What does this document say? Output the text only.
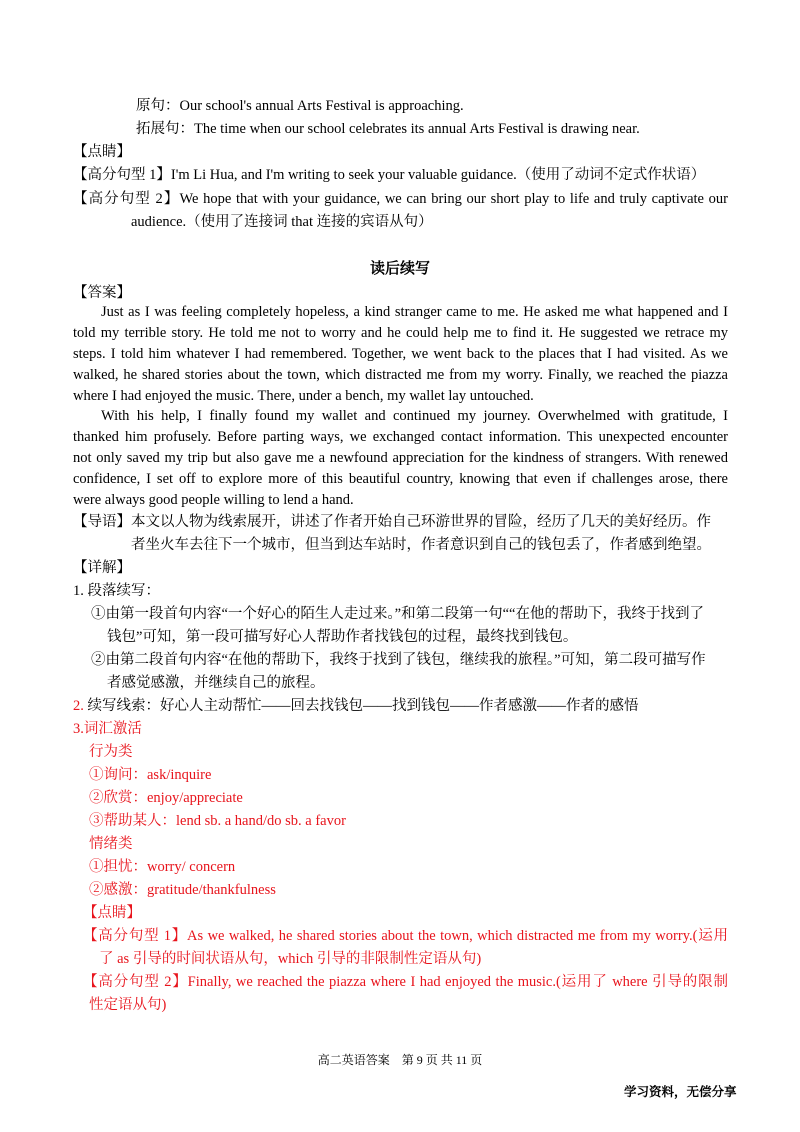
原句：Our school's annual Arts Festival is approaching.
拓展句：The time when our school celebrates its annual Arts Festival is drawing near.
【点睛】
【高分句型 1】I'm Li Hua, and I'm writing to seek your valuable guidance.（使用了动词不定式作状语）
【高分句型 2】We hope that with your guidance, we can bring our short play to life and truly captivate our
audience.（使用了连接词 that 连接的宾语从句）
读后续写
【答案】
Just as I was feeling completely hopeless, a kind stranger came to me. He asked me what happened and I
told my terrible story. He told me not to worry and he could help me to find it. He suggested we retrace my
steps. I told him whatever I had remembered. Together, we went back to the places that I had visited. As we
walked, he shared stories about the town, which distracted me from my worry. Finally, we reached the piazza
where I had enjoyed the music. There, under a bench, my wallet lay untouched.
With his help, I finally found my wallet and continued my journey. Overwhelmed with gratitude, I
thanked him profusely. Before parting ways, we exchanged contact information. This unexpected encounter
not only saved my trip but also gave me a newfound appreciation for the kindness of strangers. With renewed
confidence, I set off to explore more of this beautiful country, knowing that even if challenges arose, there
were always good people willing to lend a hand.
【导语】本文以人物为线索展开，讲述了作者开始自己环游世界的冒险，经历了几天的美好经历。作
者坐火车去往下一个城市，但当到达车站时，作者意识到自己的钱包丢了，作者感到绝望。
【详解】
1. 段落续写：
①由第一段首句内容“一个好心的陌生人走过来。”和第二段第一句““在他的帮助下，我终于找到了
钱包”可知，第一段可描写好心人帮助作者找钱包的过程，最终找到钱包。
②由第二段首句内容“在他的帮助下，我终于找到了钱包，继续我的旅程。”可知，第二段可描写作
者感觉感激，并继续自己的旅程。
2. 续写线索：好心人主动帮忙——回去找钱包——找到钱包——作者感激——作者的感悟
3.词汇激活
行为类
①询问：ask/inquire
②欣赏：enjoy/appreciate
③帮助某人：lend sb. a hand/do sb. a favor
情绪类
①担忧：worry/ concern
②感激：gratitude/thankfulness
【点睛】
【高分句型 1】As we walked, he shared stories about the town, which distracted me from my worry.(运用
了 as 引导的时间状语从句，which 引导的非限制性定语从句)
【高分句型 2】Finally, we reached the piazza where I had enjoyed the music.(运用了 where 引导的限制
性定语从句)
高二英语答案　第 9 页 共 11 页
学习资料，无偿分享
